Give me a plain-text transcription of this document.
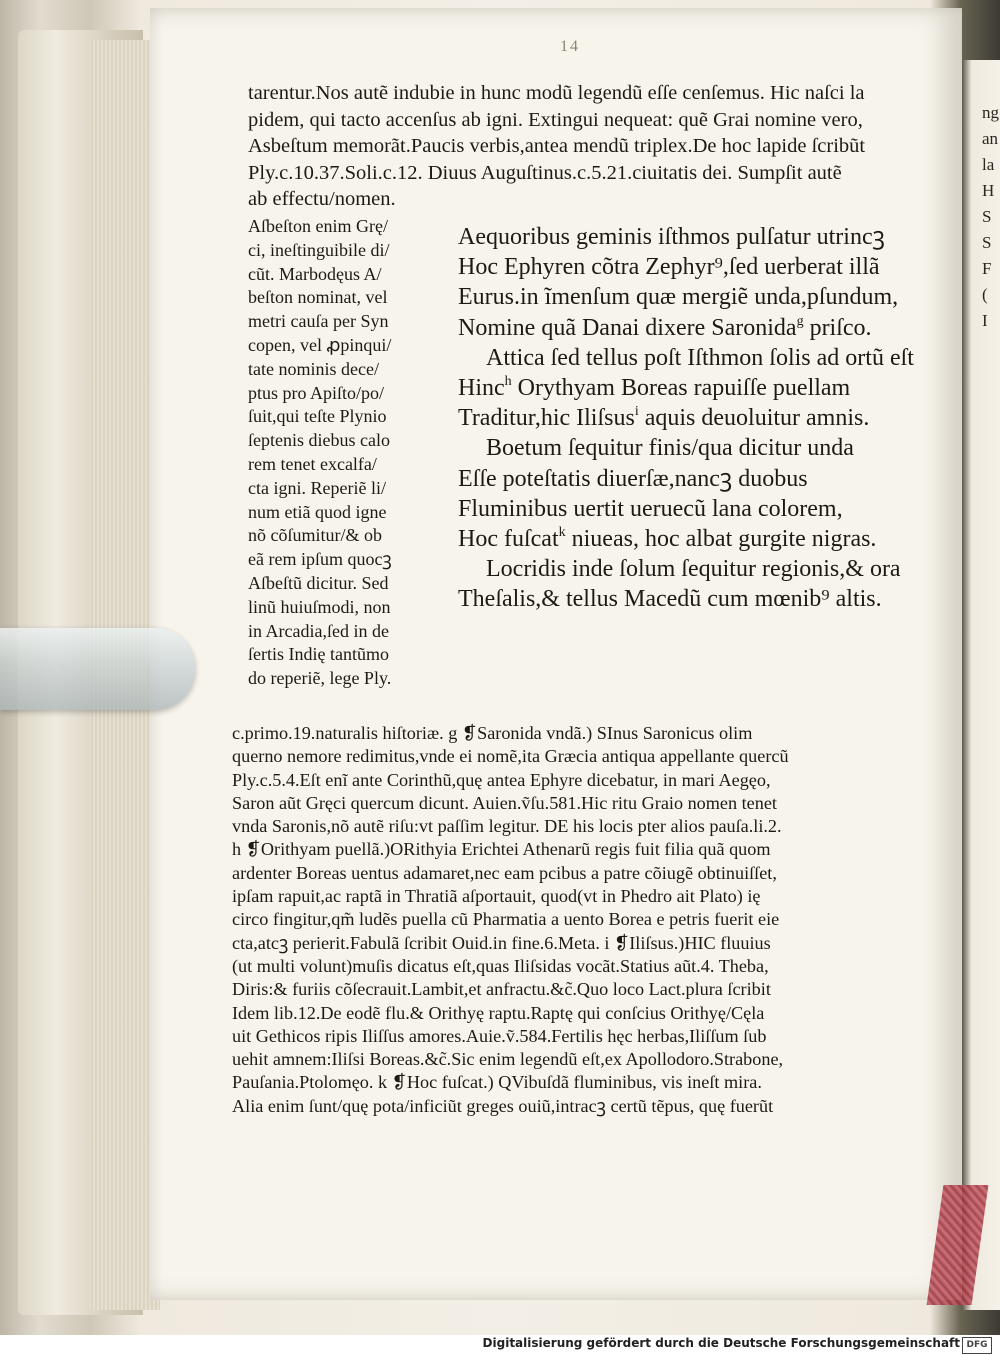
ng
an
la
H
S
S
F
(
I
14
tarentur.Nos autẽ indubie in hunc modũ legendũ eſſe cenſemus. Hic naſci la
pidem, qui tacto accenſus ab igni. Extingui nequeat: quẽ Grai nomine vero,
Asbeſtum memorãt.Paucis verbis,antea mendũ triplex.De hoc lapide ſcribũt
Ply.c.10.37.Soli.c.12. Diuus Auguſtinus.c.5.21.ciuitatis dei. Sumpſit autẽ
ab effectu/nomen.
Aſbeſton enim Grę/
ci, ineſtinguibile di/
cũt. Marbodęus A/
beſton nominat, vel
metri cauſa per Syn
copen, vel ꝓpinqui/
tate nominis dece/
ptus pro Apiſto/po/
ſuit,qui teſte Plynio
ſeptenis diebus calo
rem tenet excalfa/
cta igni. Reperiẽ li/
num etiã quod igne
nõ cõſumitur/& ob
eã rem ipſum quocꝫ
Aſbeſtũ dicitur. Sed
linũ huiuſmodi, non
in Arcadia,ſed in de
ſertis Indię tantũmo
do reperiẽ, lege Ply.
Aequoribus geminis iſthmos pulſatur utrincꝫ
Hoc Ephyren cõtra Zephyr⁹,ſed uerberat illã
Eurus.in ĩmenſum quæ mergiẽ unda,pſundum,
Nomine quã Danai dixere Saronida$^g$ priſco.
Attica ſed tellus poſt Iſthmon ſolis ad ortũ eſt
Hinc$^h$ Orythyam Boreas rapuiſſe puellam
Traditur,hic Iliſsus$^i$ aquis deuoluitur amnis.
Boetum ſequitur finis/qua dicitur unda
Eſſe poteſtatis diuerſæ,nancꝫ duobus
Fluminibus uertit ueruecũ lana colorem,
Hoc fuſcat$^k$ niueas, hoc albat gurgite nigras.
Locridis inde ſolum ſequitur regionis,& ora
Theſalis,& tellus Macedũ cum mœnib⁹ altis.
c.primo.19.naturalis hiſtoriæ. g ❡Saronida vndã.) SInus Saronicus olim
querno nemore redimitus,vnde ei nomẽ,ita Græcia antiqua appellante quercũ
Ply.c.5.4.Eſt enĩ ante Corinthũ,quę antea Ephyre dicebatur, in mari Aegęo,
Saron aũt Gręci quercum dicunt. Auien.ṽſu.581.Hic ritu Graio nomen tenet
vnda Saronis,nõ autẽ riſu:vt paſſim legitur. DE his locis pter alios pauſa.li.2.
h ❡Orithyam puellã.)ORithyia Erichtei Athenarũ regis fuit filia quã quom
ardenter Boreas uentus adamaret,nec eam pcibus a patre cõiugẽ obtinuiſſet,
ipſam rapuit,ac raptã in Thratiã aſportauit, quod(vt in Phedro ait Plato) ię
circo fingitur,qm̃ ludẽs puella cũ Pharmatia a uento Borea e petris fuerit eie
cta,atcꝫ perierit.Fabulã ſcribit Ouid.in fine.6.Meta. i ❡Iliſsus.)HIC fluuius
(ut multi volunt)muſis dicatus eſt,quas Iliſsidas vocãt.Statius aũt.4. Theba,
Diris:& furiis cõſecrauit.Lambit,et anfractu.&c̃.Quo loco Lact.plura ſcribit
Idem lib.12.De eodẽ flu.& Orithyę raptu.Raptę qui conſcius Orithyę/Cęla
uit Gethicos ripis Iliſſus amores.Auie.ṽ.584.Fertilis hęc herbas,Iliſſum ſub
uehit amnem:Iliſsi Boreas.&c̃.Sic enim legendũ eſt,ex Apollodoro.Strabone,
Pauſania.Ptolomęo. k ❡Hoc fuſcat.) QVibuſdã fluminibus, vis ineſt mira.
Alia enim ſunt/quę pota/inficiũt greges ouiũ,intracꝫ certũ tẽpus, quę fuerũt
Digitalisierung gefördert durch die Deutsche Forschungsgemeinschaft DFG
